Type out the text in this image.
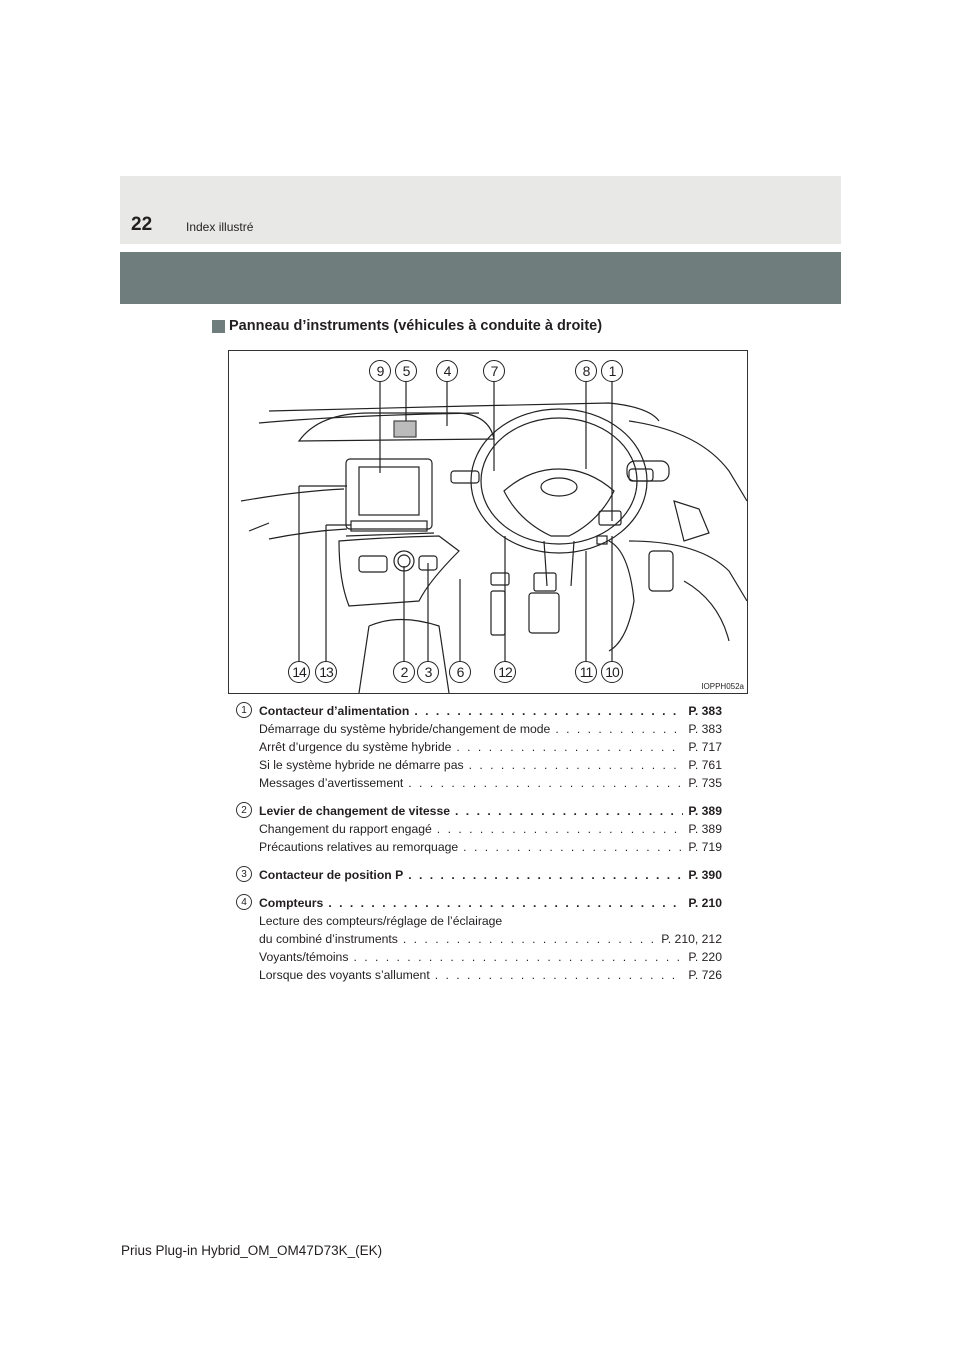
22	Index illustré
Panneau d’instruments (véhicules à conduite à droite)
9	5	4	7	8	1
14 13	2	3	6	12	11 10
IOPPH052a
1	Contacteur d’alimentation . . .	P. 383
Démarrage du système hybride/changement de mode . . .	P. 383
Arrêt d’urgence du système hybride . . .	P. 717
Si le système hybride ne démarre pas . . .	P. 761
Messages d’avertissement . . .	P. 735
2	Levier de changement de vitesse . . .	P. 389
Changement du rapport engagé . . .	P. 389
Précautions relatives au remorquage . . .	P. 719
3	Contacteur de position P . . .	P. 390
4	Compteurs . . .	P. 210
Lecture des compteurs/réglage de l’éclairage
du combiné d’instruments . . .	P. 210, 212
Voyants/témoins . . .	P. 220
Lorsque des voyants s’allument . . .	P. 726
Prius Plug-in Hybrid_OM_OM47D73K_(EK)
